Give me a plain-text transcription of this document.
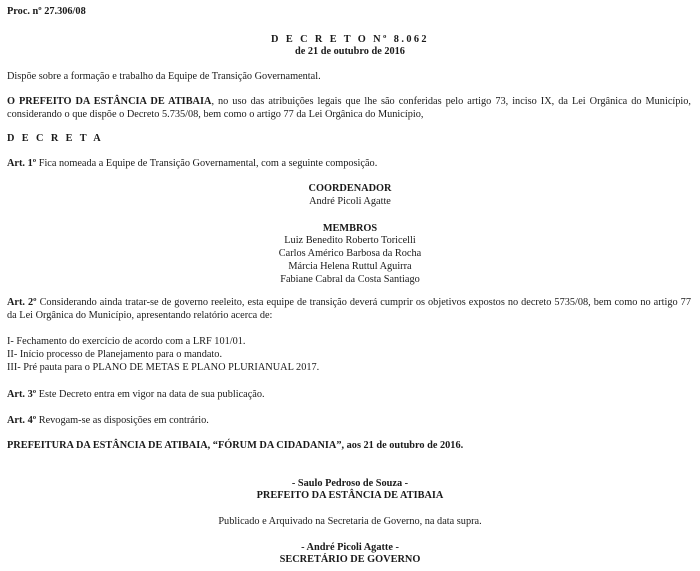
Proc. nº 27.306/08
D E C R E T O Nº 8.062
de 21 de outubro de 2016
Dispõe sobre a formação e trabalho da Equipe de Transição Governamental.
O PREFEITO DA ESTÂNCIA DE ATIBAIA, no uso das atribuições legais que lhe são conferidas pelo artigo 73, inciso IX, da Lei Orgânica do Município, considerando o que dispõe o Decreto 5.735/08, bem como o artigo 77 da Lei Orgânica do Município,
D E C R E T A
Art. 1º Fica nomeada a Equipe de Transição Governamental, com a seguinte composição.
COORDENADOR
André Picoli Agatte
MEMBROS
Luiz Benedito Roberto Toricelli
Carlos Américo Barbosa da Rocha
Márcia Helena Ruttul Aguirra
Fabiane Cabral da Costa Santiago
Art. 2º Considerando ainda tratar-se de governo reeleito, esta equipe de transição deverá cumprir os objetivos expostos no decreto 5735/08, bem como no artigo 77 da Lei Orgânica do Município, apresentando relatório acerca de:
I- Fechamento do exercício de acordo com a LRF 101/01.
II- Início processo de Planejamento para o mandato.
III- Pré pauta para o PLANO DE METAS E PLANO PLURIANUAL 2017.
Art. 3º Este Decreto entra em vigor na data de sua publicação.
Art. 4º Revogam-se as disposições em contrário.
PREFEITURA DA ESTÂNCIA DE ATIBAIA, “FÓRUM DA CIDADANIA”, aos 21 de outubro de 2016.
- Saulo Pedroso de Souza -
PREFEITO DA ESTÂNCIA DE ATIBAIA
Publicado e Arquivado na Secretaria de Governo, na data supra.
- André Picoli Agatte -
SECRETÁRIO DE GOVERNO
